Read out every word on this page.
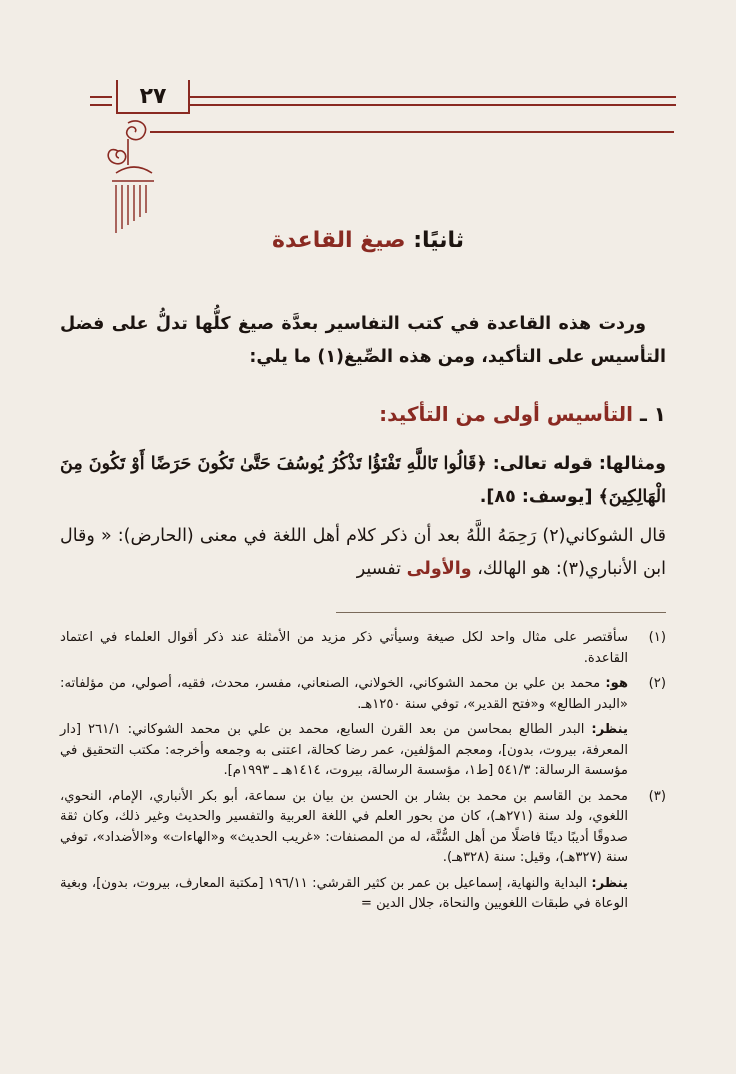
٢٧
ثانيًا: صيغ القاعدة
وردت هذه القاعدة في كتب التفاسير بعدَّة صيغ كلُّها تدلُّ على فضل التأسيس على التأكيد، ومن هذه الصِّيغ(١) ما يلي:
١ ـ التأسيس أولى من التأكيد:
ومثالها: قوله تعالى: ﴿قَالُوا تَاللَّهِ تَفْتَؤُا تَذْكُرُ يُوسُفَ حَتَّىٰ تَكُونَ حَرَضًا أَوْ تَكُونَ مِنَ الْهَالِكِينَ﴾ [يوسف: ٨٥].
قال الشوكاني(٢) رَحِمَهُ اللَّهُ بعد أن ذكر كلام أهل اللغة في معنى (الحارض): « وقال ابن الأنباري(٣): هو الهالك، والأولى تفسير
(١)
سأقتصر على مثال واحد لكل صيغة وسيأتي ذكر مزيد من الأمثلة عند ذكر أقوال العلماء في اعتماد القاعدة.
(٢)
هو: محمد بن علي بن محمد الشوكاني، الخولاني، الصنعاني، مفسر، محدث، فقيه، أصولي، من مؤلفاته: «البدر الطالع» و«فتح القدير»، توفي سنة ١٢٥٠هـ.
ينظر: البدر الطالع بمحاسن من بعد القرن السابع، محمد بن علي بن محمد الشوكاني: ٢٦١/١ [دار المعرفة، بيروت، بدون]، ومعجم المؤلفين، عمر رضا كحالة، اعتنى به وجمعه وأخرجه: مكتب التحقيق في مؤسسة الرسالة: ٥٤١/٣ [ط١، مؤسسة الرسالة، بيروت، ١٤١٤هـ ـ ١٩٩٣م].
(٣)
محمد بن القاسم بن محمد بن بشار بن الحسن بن بيان بن سماعة، أبو بكر الأنباري، الإمام، النحوي، اللغوي، ولد سنة (٢٧١هـ)، كان من بحور العلم في اللغة العربية والتفسير والحديث وغير ذلك، وكان ثقة صدوقًا أديبًا دينًا فاضلًا من أهل السُّنَّة، له من المصنفات: «غريب الحديث» و«الهاءات» و«الأضداد»، توفي سنة (٣٢٧هـ)، وقيل: سنة (٣٢٨هـ).
ينظر: البداية والنهاية، إسماعيل بن عمر بن كثير القرشي: ١٩٦/١١ [مكتبة المعارف، بيروت، بدون]، وبغية الوعاة في طبقات اللغويين والنحاة، جلال الدين =
